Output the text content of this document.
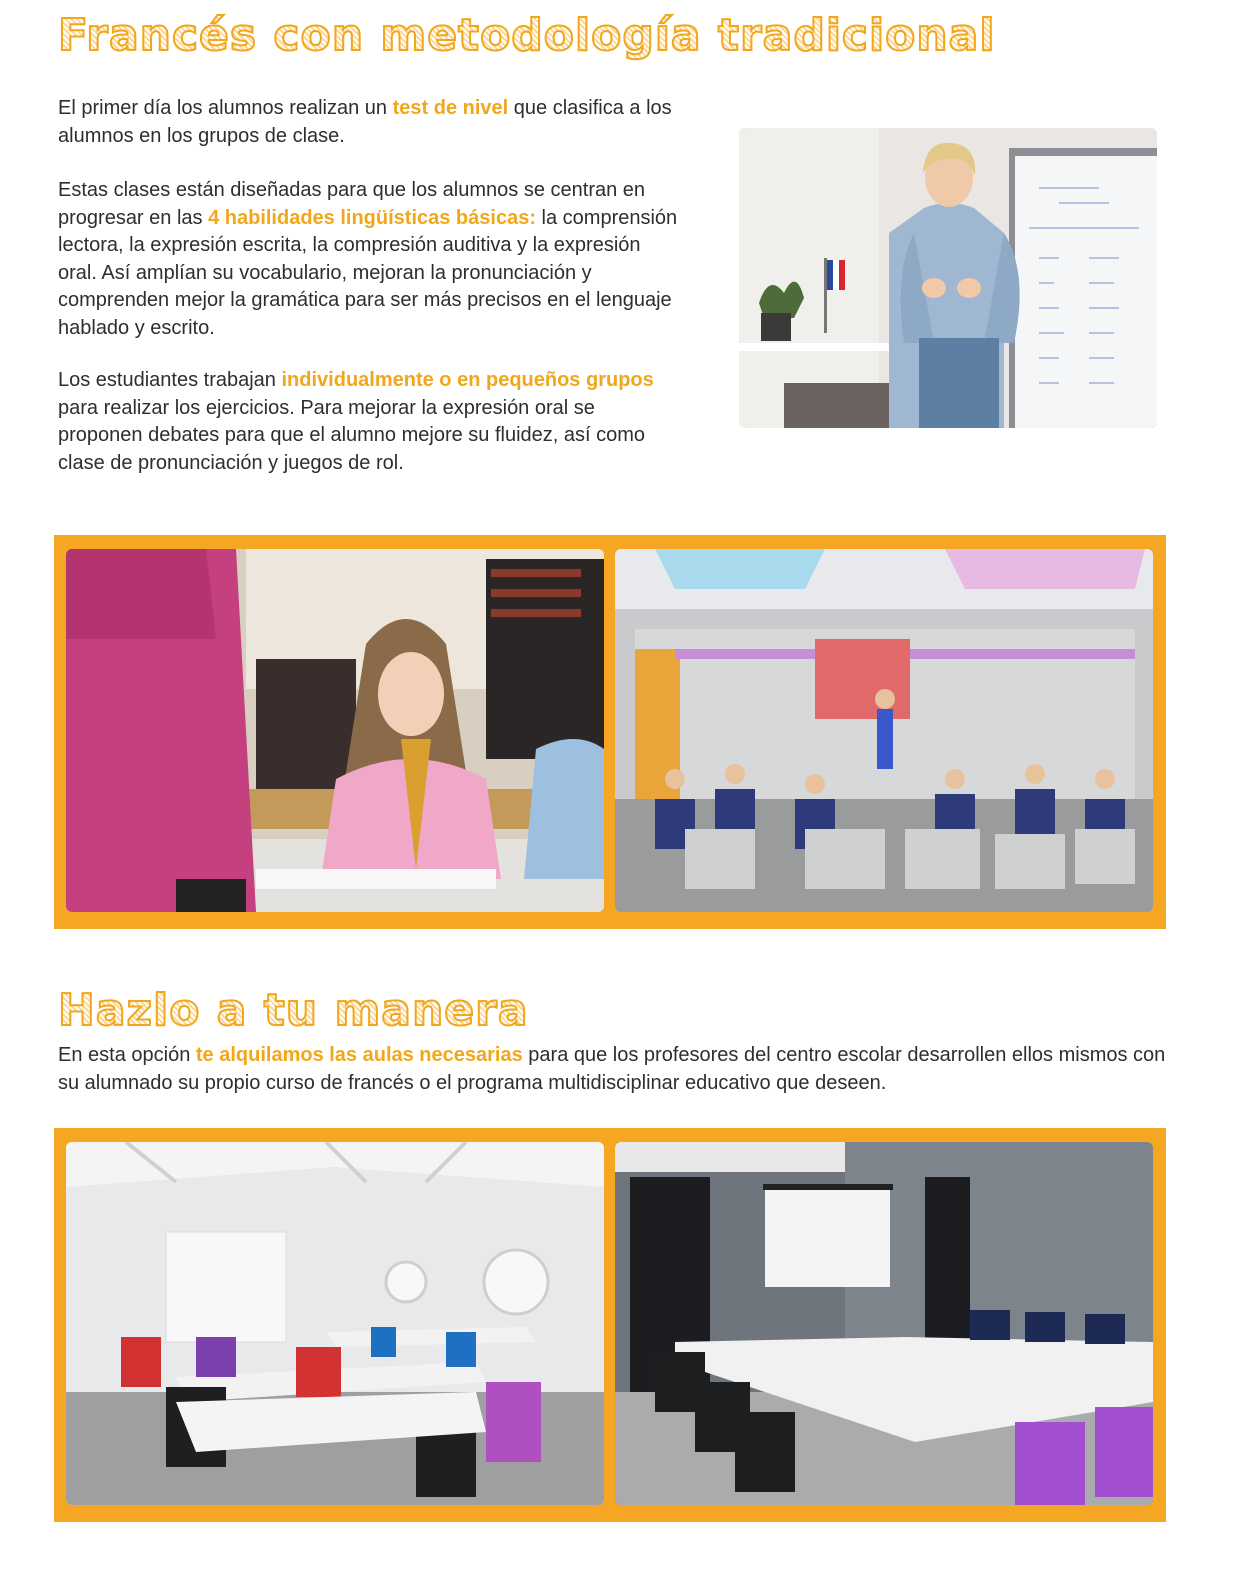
Francés con metodología tradicional

El primer día los alumnos realizan un test de nivel que clasifica a los alumnos en los grupos de clase.

Estas clases están diseñadas para que los alumnos se centran en progresar en las 4 habilidades lingüísticas básicas: la comprensión lectora, la expresión escrita, la compresión auditiva y la expresión oral. Así amplían su vocabulario, mejoran la pronunciación y comprenden mejor la gramática para ser más precisos en el lenguaje hablado y escrito.

Los estudiantes trabajan individualmente o en pequeños grupos para realizar los ejercicios. Para mejorar la expresión oral se proponen debates para que el alumno mejore su fluidez, así como clase de pronunciación y juegos de rol.

Hazlo a tu manera

En esta opción te alquilamos las aulas necesarias para que los profesores del centro escolar desarrollen ellos mismos con su alumnado su propio curso de francés o el programa multidisciplinar educativo que deseen.
